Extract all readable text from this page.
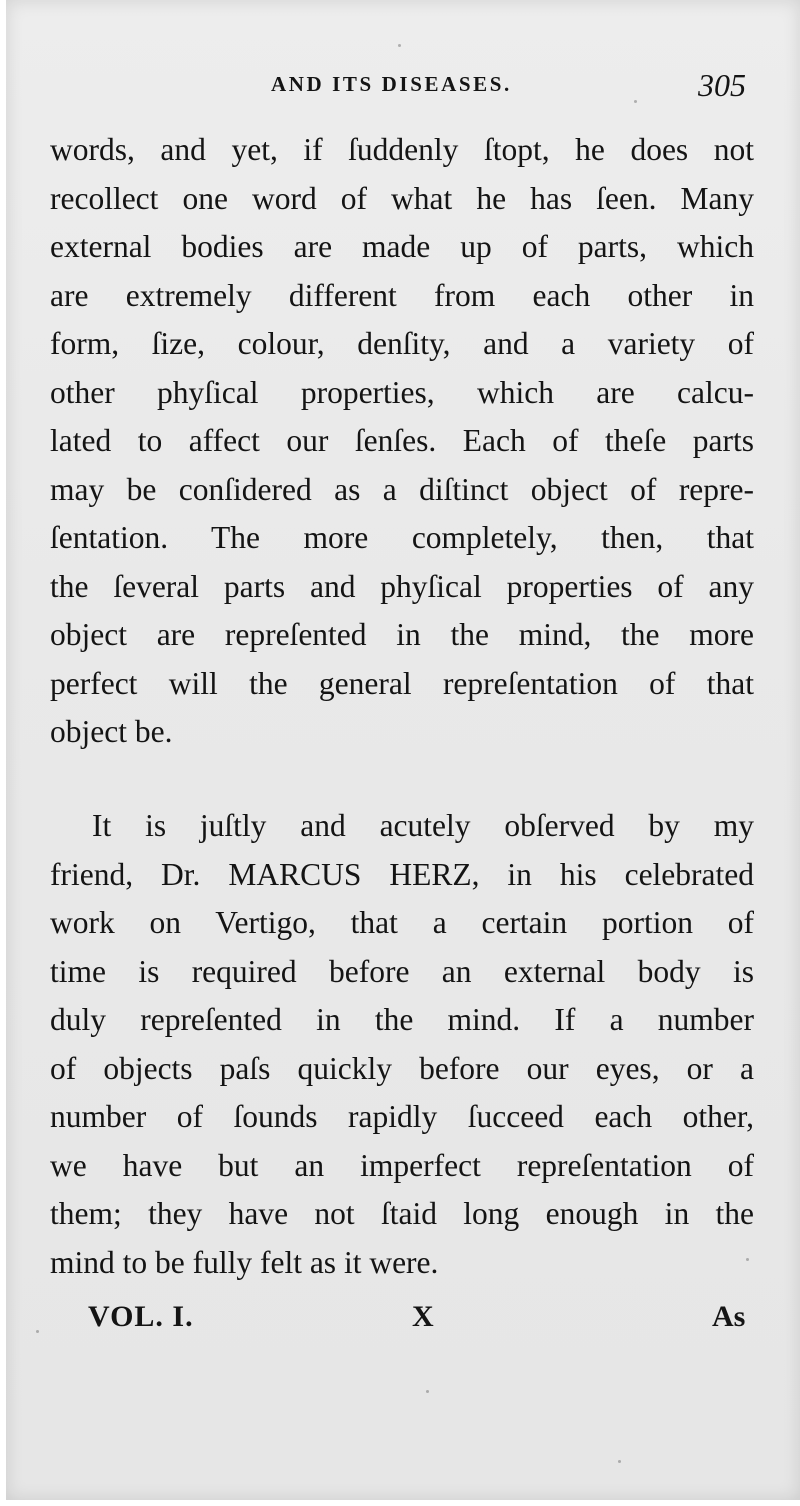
AND ITS DISEASES.	305
words, and yet, if ſuddenly ſtopt, he does not
recollect one word of what he has ſeen. Many
external bodies are made up of parts, which
are extremely different from each other in
form, ſize, colour, denſity, and a variety of
other phyſical properties, which are calcu-
lated to affect our ſenſes. Each of theſe parts
may be conſidered as a diſtinct object of repre-
ſentation. The more completely, then, that
the ſeveral parts and phyſical properties of any
object are repreſented in the mind, the more
perfect will the general repreſentation of that
object be.
It is juſtly and acutely obſerved by my
friend, Dr. MARCUS HERZ, in his celebrated
work on Vertigo, that a certain portion of
time is required before an external body is
duly repreſented in the mind. If a number
of objects paſs quickly before our eyes, or a
number of ſounds rapidly ſucceed each other,
we have but an imperfect repreſentation of
them; they have not ſtaid long enough in the
mind to be fully felt as it were.
VOL. I.	X	As
